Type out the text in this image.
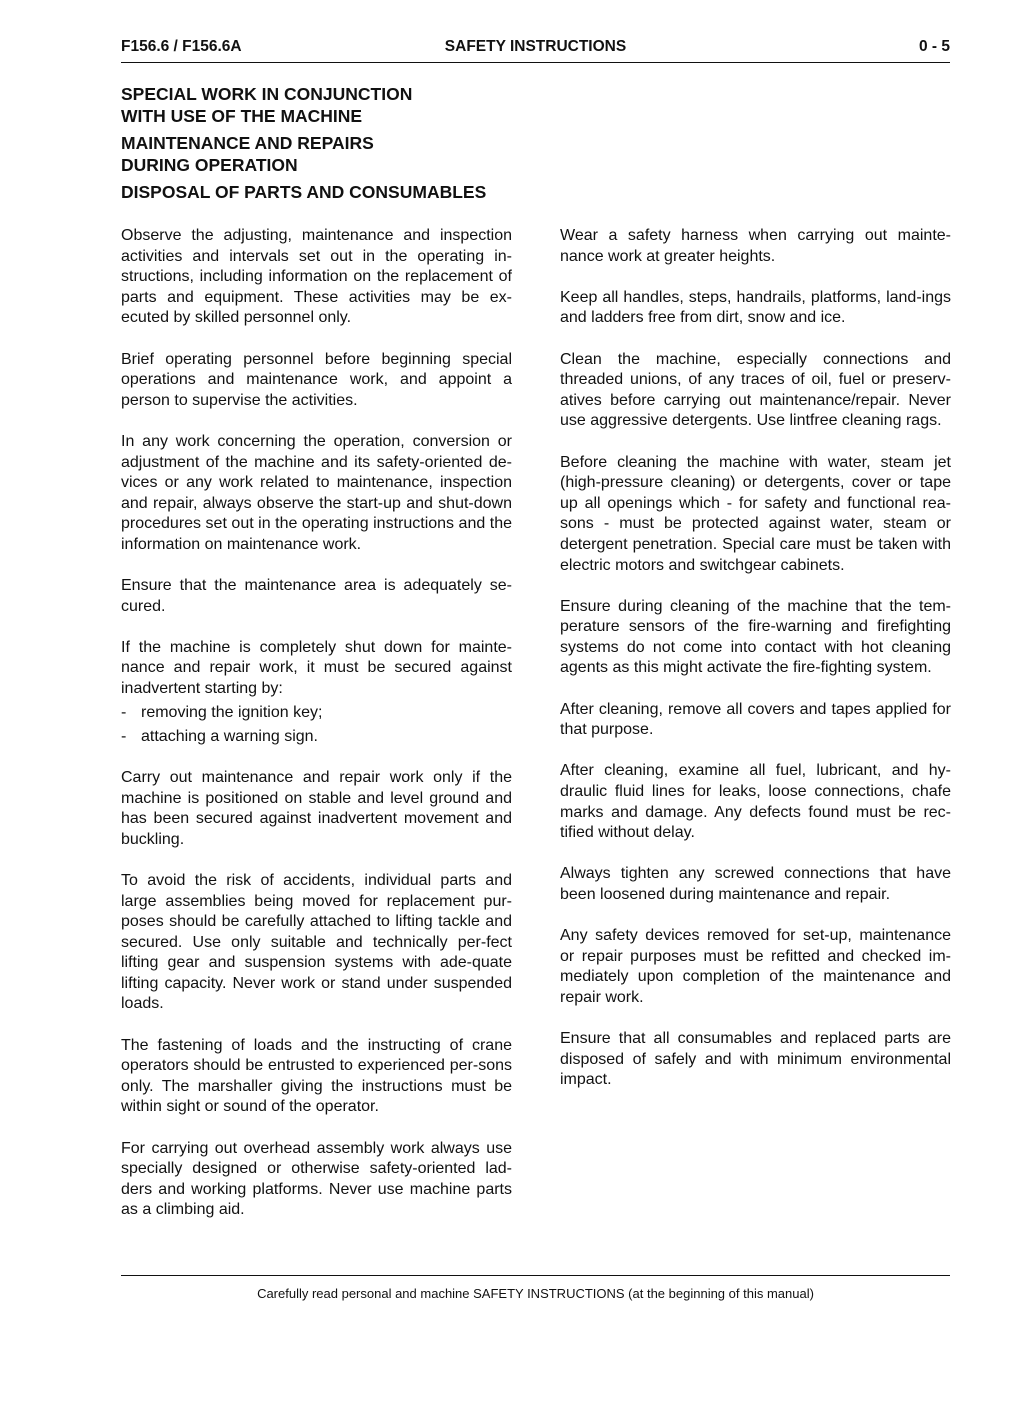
F156.6 / F156.6A	SAFETY INSTRUCTIONS	0 - 5
SPECIAL WORK IN CONJUNCTION
WITH USE OF THE MACHINE
MAINTENANCE AND REPAIRS
DURING OPERATION
DISPOSAL OF PARTS AND CONSUMABLES

Observe the adjusting, maintenance and inspection activities and intervals set out in the operating in-structions, including information on the replacement of parts and equipment. These activities may be ex-ecuted by skilled personnel only.

Brief operating personnel before beginning special operations and maintenance work, and appoint a person to supervise the activities.

In any work concerning the operation, conversion or adjustment of the machine and its safety-oriented de-vices or any work related to maintenance, inspection and repair, always observe the start-up and shut-down procedures set out in the operating instructions and the information on maintenance work.

Ensure that the maintenance area is adequately se-cured.

If the machine is completely shut down for mainte-nance and repair work, it must be secured against inadvertent starting by:

- removing the ignition key;
- attaching a warning sign.

Carry out maintenance and repair work only if the machine is positioned on stable and level ground and has been secured against inadvertent movement and buckling.

To avoid the risk of accidents, individual parts and large assemblies being moved for replacement pur-poses should be carefully attached to lifting tackle and secured. Use only suitable and technically per-fect lifting gear and suspension systems with ade-quate lifting capacity. Never work or stand under suspended loads.

The fastening of loads and the instructing of crane operators should be entrusted to experienced per-sons only. The marshaller giving the instructions must be within sight or sound of the operator.

For carrying out overhead assembly work always use specially designed or otherwise safety-oriented lad-ders and working platforms. Never use machine parts as a climbing aid.

Wear a safety harness when carrying out mainte-nance work at greater heights.

Keep all handles, steps, handrails, platforms, land-ings and ladders free from dirt, snow and ice.

Clean the machine, especially connections and threaded unions, of any traces of oil, fuel or preserv-atives before carrying out maintenance/repair. Never use aggressive detergents. Use lintfree cleaning rags.

Before cleaning the machine with water, steam jet (high-pressure cleaning) or detergents, cover or tape up all openings which - for safety and functional rea-sons - must be protected against water, steam or detergent penetration. Special care must be taken with electric motors and switchgear cabinets.

Ensure during cleaning of the machine that the tem-perature sensors of the fire-warning and firefighting systems do not come into contact with hot cleaning agents as this might activate the fire-fighting system.

After cleaning, remove all covers and tapes applied for that purpose.

After cleaning, examine all fuel, lubricant, and hy-draulic fluid lines for leaks, loose connections, chafe marks and damage. Any defects found must be rec-tified without delay.

Always tighten any screwed connections that have been loosened during maintenance and repair.

Any safety devices removed for set-up, maintenance or repair purposes must be refitted and checked im-mediately upon completion of the maintenance and repair work.

Ensure that all consumables and replaced parts are disposed of safely and with minimum environmental impact.

Carefully read personal and machine SAFETY INSTRUCTIONS (at the beginning of this manual)
